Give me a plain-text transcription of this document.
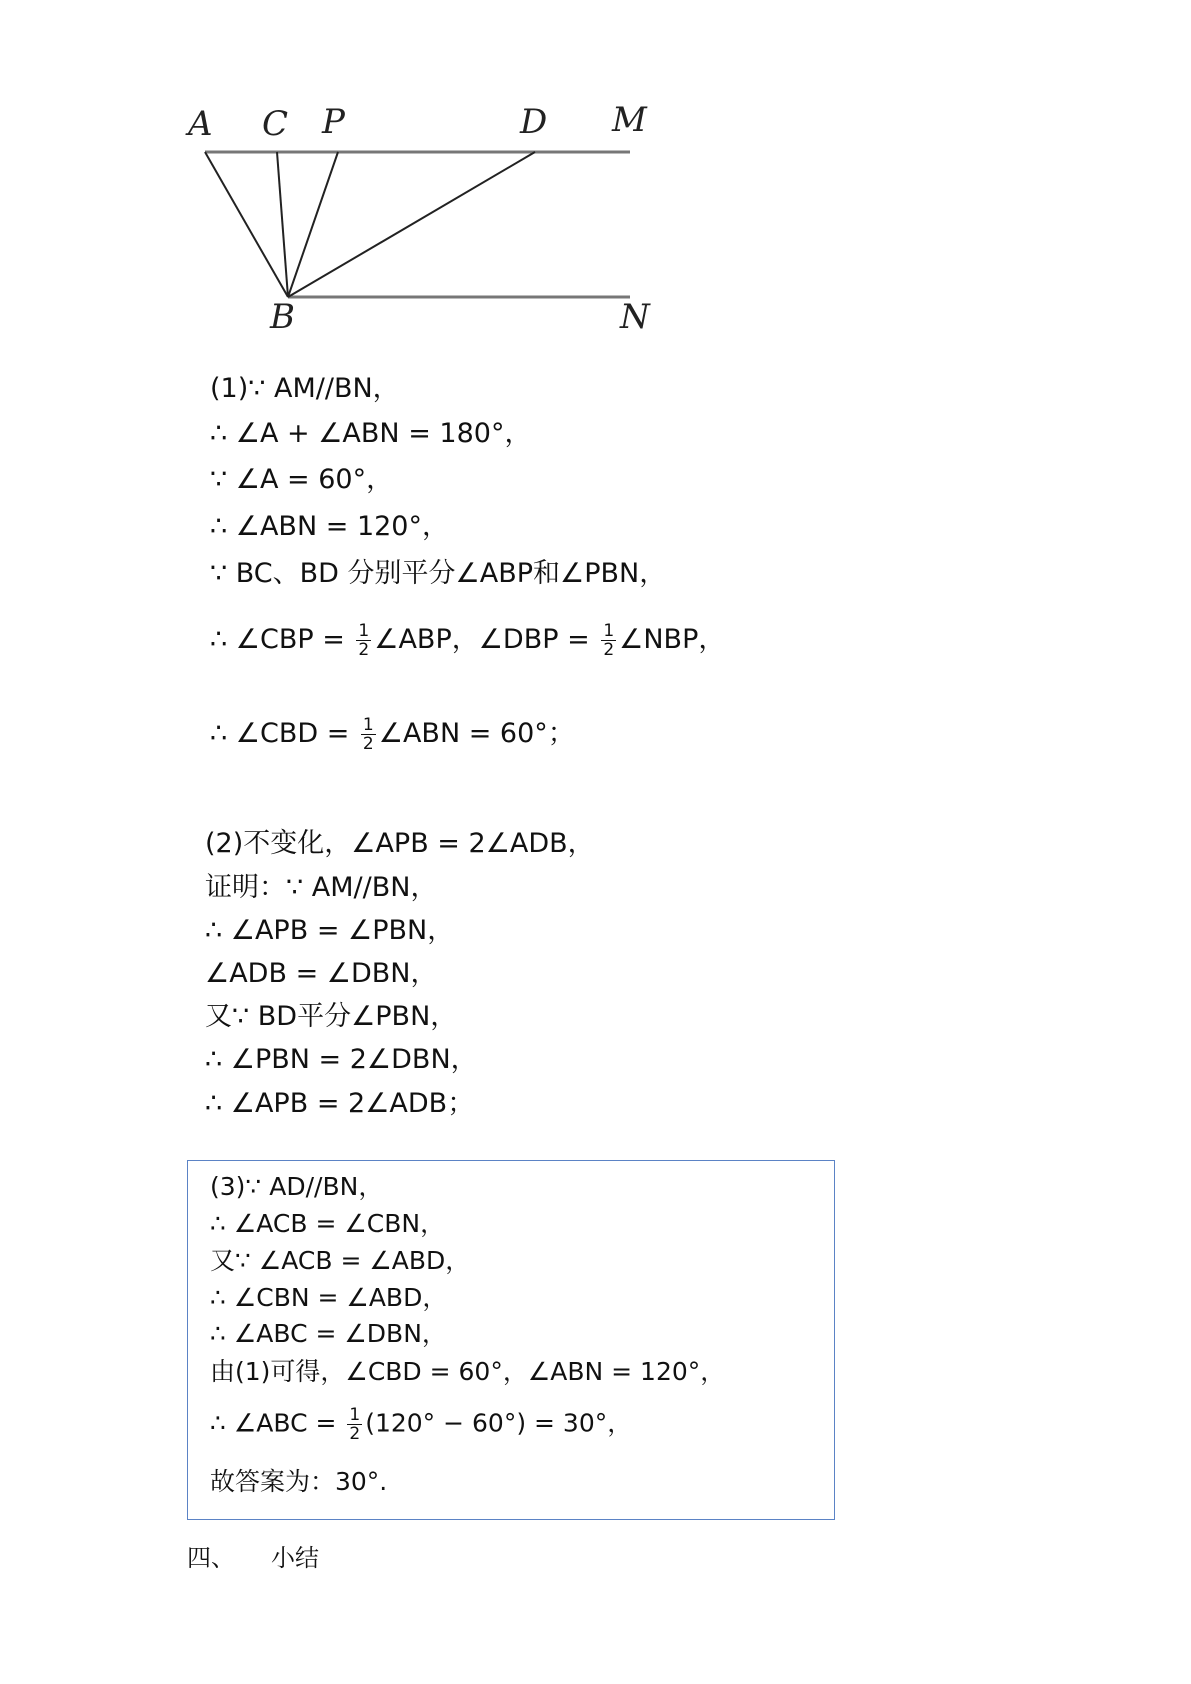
A C P	D M
B	N
(1)∵ AM//BN，
∴ ∠A + ∠ABN = 180°，
∵ ∠A = 60°，
∴ ∠ABN = 120°，
∵ BC、BD 分别平分∠ABP和∠PBN，
∴ ∠CBP = $\frac{1}{2}$ ∠ABP，∠DBP = $\frac{1}{2}$ ∠NBP，
∴ ∠CBD = $\frac{1}{2}$ ∠ABN = 60°；
(2)不变化，∠APB = 2∠ADB，
证明：∵ AM//BN，
∴ ∠APB = ∠PBN，
∠ADB = ∠DBN，
又∵ BD平分∠PBN，
∴ ∠PBN = 2∠DBN，
∴ ∠APB = 2∠ADB；
(3)∵ AD//BN，
∴ ∠ACB = ∠CBN，
又∵ ∠ACB = ∠ABD，
∴ ∠CBN = ∠ABD，
∴ ∠ABC = ∠DBN，
由(1)可得，∠CBD = 60°，∠ABN = 120°，
∴ ∠ABC = $\frac{1}{2} (120^\circ - 60^\circ) = 30^\circ$，
故答案为：30°.
四、 小结
